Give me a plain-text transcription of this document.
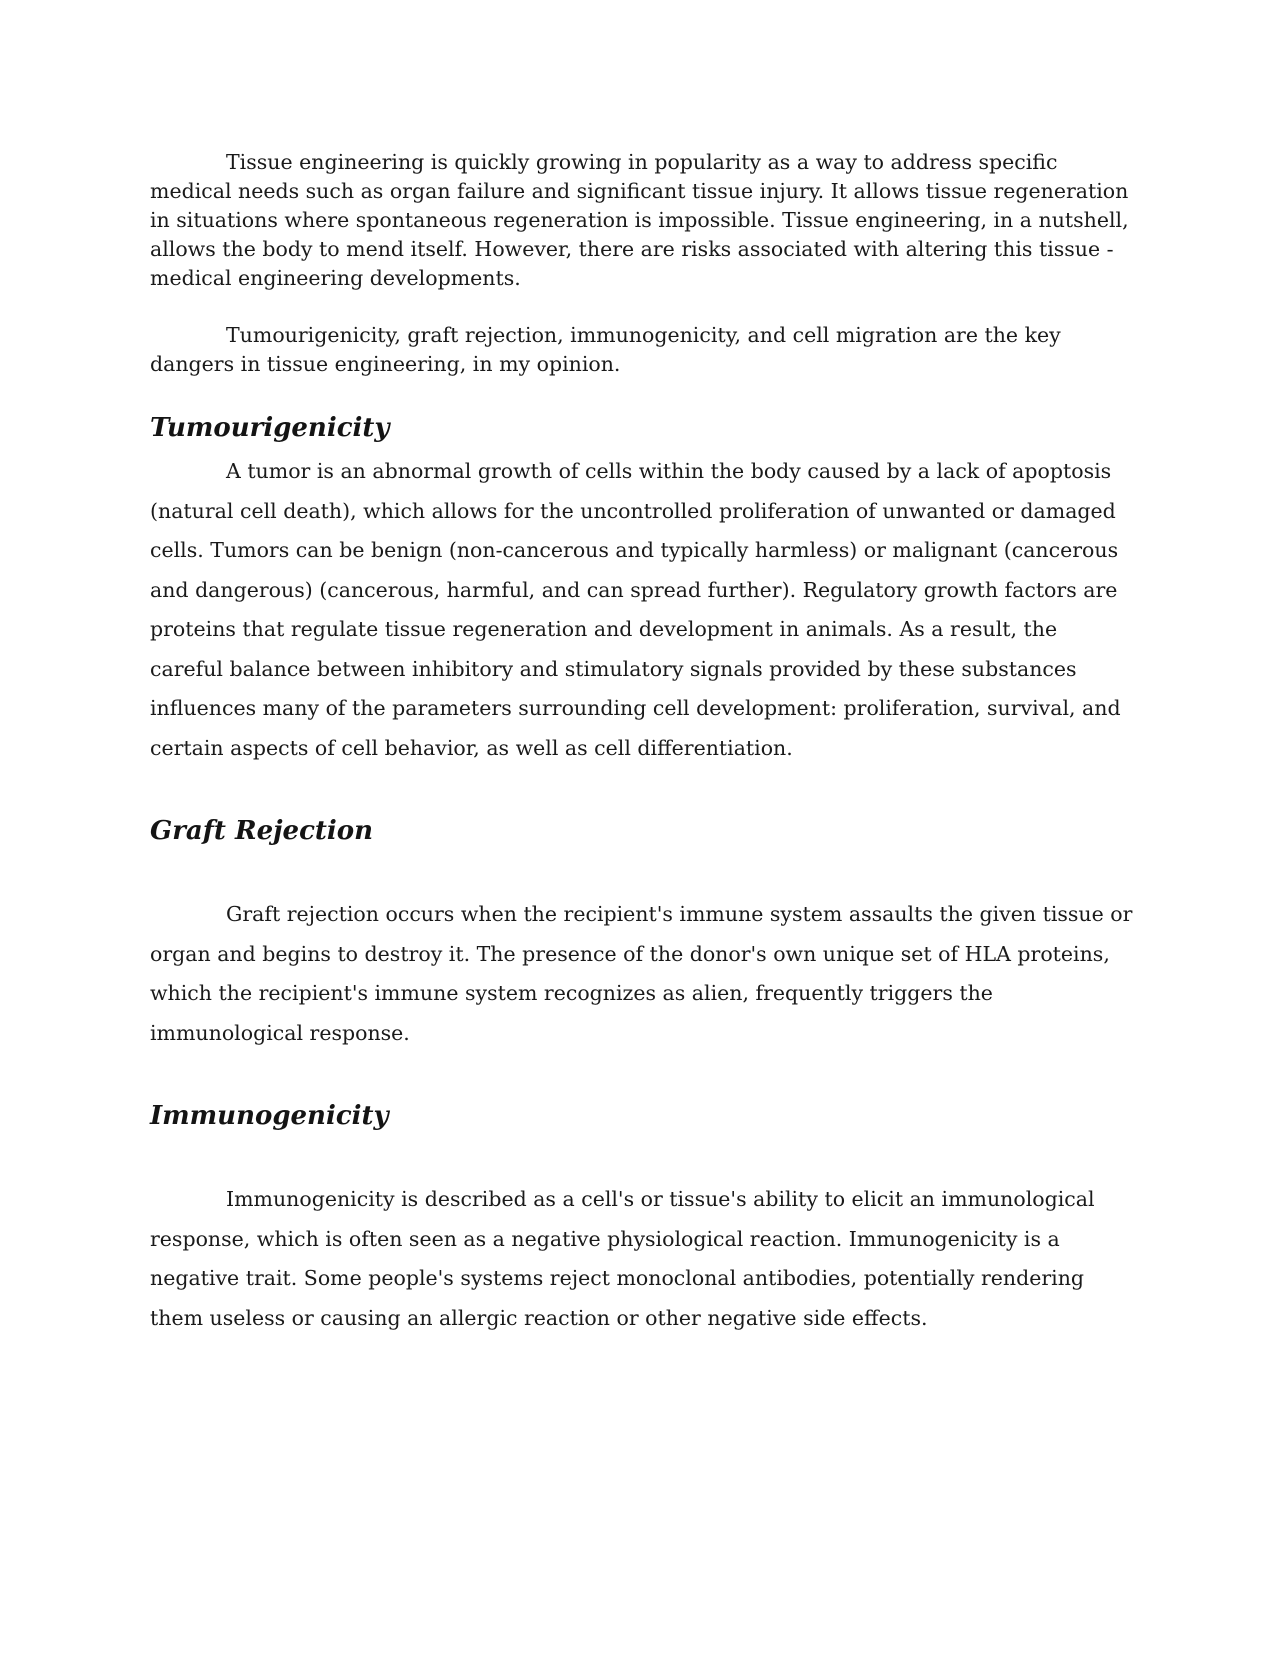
Tissue engineering is quickly growing in popularity as a way to address specific medical needs such as organ failure and significant tissue injury. It allows tissue regeneration in situations where spontaneous regeneration is impossible. Tissue engineering, in a nutshell, allows the body to mend itself. However, there are risks associated with altering this tissue - medical engineering developments.

Tumourigenicity, graft rejection, immunogenicity, and cell migration are the key dangers in tissue engineering, in my opinion.

Tumourigenicity

A tumor is an abnormal growth of cells within the body caused by a lack of apoptosis (natural cell death), which allows for the uncontrolled proliferation of unwanted or damaged cells. Tumors can be benign (non-cancerous and typically harmless) or malignant (cancerous and dangerous) (cancerous, harmful, and can spread further). Regulatory growth factors are proteins that regulate tissue regeneration and development in animals. As a result, the careful balance between inhibitory and stimulatory signals provided by these substances influences many of the parameters surrounding cell development: proliferation, survival, and certain aspects of cell behavior, as well as cell differentiation.

Graft Rejection

Graft rejection occurs when the recipient's immune system assaults the given tissue or organ and begins to destroy it. The presence of the donor's own unique set of HLA proteins, which the recipient's immune system recognizes as alien, frequently triggers the immunological response.

Immunogenicity

Immunogenicity is described as a cell's or tissue's ability to elicit an immunological response, which is often seen as a negative physiological reaction. Immunogenicity is a negative trait. Some people's systems reject monoclonal antibodies, potentially rendering them useless or causing an allergic reaction or other negative side effects.
